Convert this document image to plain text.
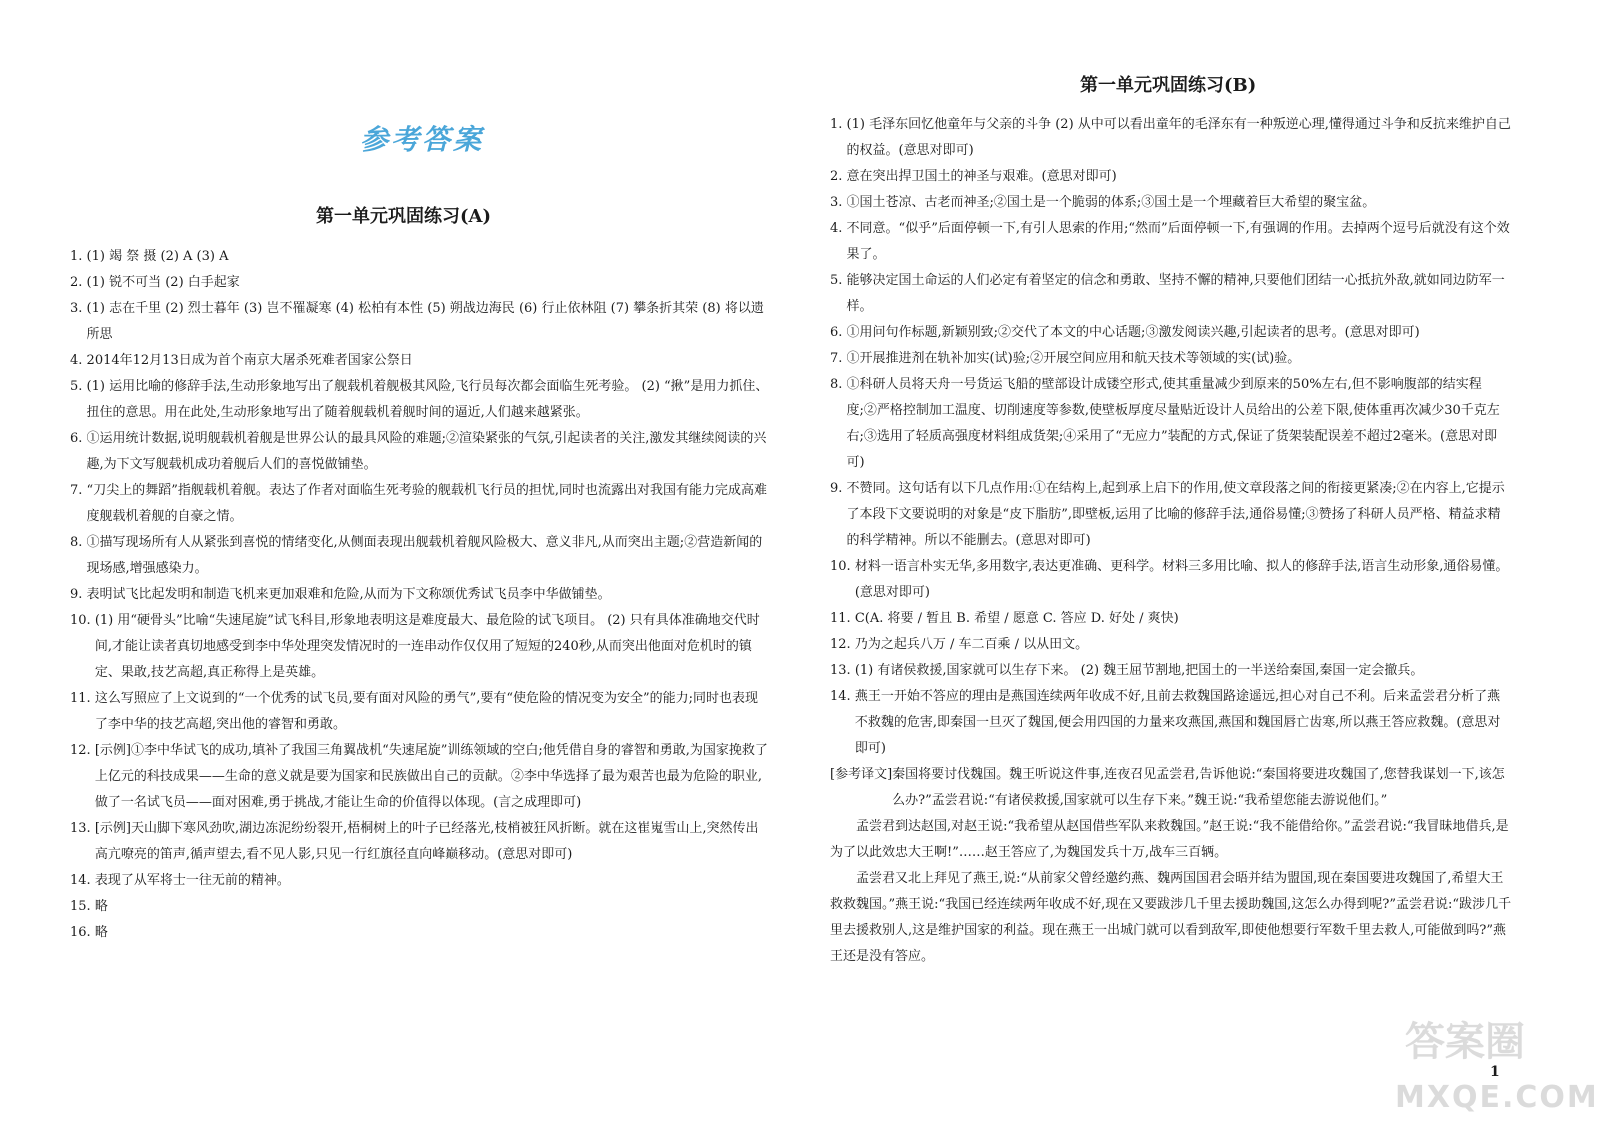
参考答案
第一单元巩固练习(A)
1. (1) 竭 祭 摄 (2) A (3) A
2. (1) 锐不可当 (2) 白手起家
3. (1) 志在千里 (2) 烈士暮年 (3) 岂不罹凝寒 (4) 松柏有本性 (5) 朔战边海民 (6) 行止依林阻 (7) 攀条折其荣 (8) 将以遗所思
4. 2014年12月13日成为首个南京大屠杀死难者国家公祭日
5. (1) 运用比喻的修辞手法,生动形象地写出了舰载机着舰极其风险,飞行员每次都会面临生死考验。 (2) “揪”是用力抓住、扭住的意思。用在此处,生动形象地写出了随着舰载机着舰时间的逼近,人们越来越紧张。
6. ①运用统计数据,说明舰载机着舰是世界公认的最具风险的难题;②渲染紧张的气氛,引起读者的关注,激发其继续阅读的兴趣,为下文写舰载机成功着舰后人们的喜悦做铺垫。
7. “刀尖上的舞蹈”指舰载机着舰。表达了作者对面临生死考验的舰载机飞行员的担忧,同时也流露出对我国有能力完成高难度舰载机着舰的自豪之情。
8. ①描写现场所有人从紧张到喜悦的情绪变化,从侧面表现出舰载机着舰风险极大、意义非凡,从而突出主题;②营造新闻的现场感,增强感染力。
9. 表明试飞比起发明和制造飞机来更加艰难和危险,从而为下文称颂优秀试飞员李中华做铺垫。
10. (1) 用“硬骨头”比喻“失速尾旋”试飞科目,形象地表明这是难度最大、最危险的试飞项目。 (2) 只有具体准确地交代时间,才能让读者真切地感受到李中华处理突发情况时的一连串动作仅仅用了短短的240秒,从而突出他面对危机时的镇定、果敢,技艺高超,真正称得上是英雄。
11. 这么写照应了上文说到的“一个优秀的试飞员,要有面对风险的勇气”,要有“使危险的情况变为安全”的能力;同时也表现了李中华的技艺高超,突出他的睿智和勇敢。
12. [示例]①李中华试飞的成功,填补了我国三角翼战机“失速尾旋”训练领域的空白;他凭借自身的睿智和勇敢,为国家挽救了上亿元的科技成果——生命的意义就是要为国家和民族做出自己的贡献。②李中华选择了最为艰苦也最为危险的职业,做了一名试飞员——面对困难,勇于挑战,才能让生命的价值得以体现。(言之成理即可)
13. [示例]天山脚下寒风劲吹,湖边冻泥纷纷裂开,梧桐树上的叶子已经落光,枝梢被狂风折断。就在这崔嵬雪山上,突然传出高亢嘹亮的笛声,循声望去,看不见人影,只见一行红旗径直向峰巅移动。(意思对即可)
14. 表现了从军将士一往无前的精神。
15. 略
16. 略
第一单元巩固练习(B)
1. (1) 毛泽东回忆他童年与父亲的斗争 (2) 从中可以看出童年的毛泽东有一种叛逆心理,懂得通过斗争和反抗来维护自己的权益。(意思对即可)
2. 意在突出捍卫国土的神圣与艰难。(意思对即可)
3. ①国土苍凉、古老而神圣;②国土是一个脆弱的体系;③国土是一个埋藏着巨大希望的聚宝盆。
4. 不同意。“似乎”后面停顿一下,有引人思索的作用;“然而”后面停顿一下,有强调的作用。去掉两个逗号后就没有这个效果了。
5. 能够决定国土命运的人们必定有着坚定的信念和勇敢、坚持不懈的精神,只要他们团结一心抵抗外敌,就如同边防军一样。
6. ①用问句作标题,新颖别致;②交代了本文的中心话题;③激发阅读兴趣,引起读者的思考。(意思对即可)
7. ①开展推进剂在轨补加实(试)验;②开展空间应用和航天技术等领域的实(试)验。
8. ①科研人员将天舟一号货运飞船的壁部设计成镂空形式,使其重量减少到原来的50%左右,但不影响腹部的结实程度;②严格控制加工温度、切削速度等参数,使壁板厚度尽量贴近设计人员给出的公差下限,使体重再次减少30千克左右;③选用了轻质高强度材料组成货架;④采用了“无应力”装配的方式,保证了货架装配误差不超过2毫米。(意思对即可)
9. 不赞同。这句话有以下几点作用:①在结构上,起到承上启下的作用,使文章段落之间的衔接更紧凑;②在内容上,它提示了本段下文要说明的对象是“皮下脂肪”,即壁板,运用了比喻的修辞手法,通俗易懂;③赞扬了科研人员严格、精益求精的科学精神。所以不能删去。(意思对即可)
10. 材料一语言朴实无华,多用数字,表达更准确、更科学。材料三多用比喻、拟人的修辞手法,语言生动形象,通俗易懂。(意思对即可)
11. C(A. 将要 / 暂且 B. 希望 / 愿意 C. 答应 D. 好处 / 爽快)
12. 乃为之起兵八万 / 车二百乘 / 以从田文。
13. (1) 有诸侯救援,国家就可以生存下来。 (2) 魏王屈节割地,把国土的一半送给秦国,秦国一定会撤兵。
14. 燕王一开始不答应的理由是燕国连续两年收成不好,且前去救魏国路途遥远,担心对自己不利。后来孟尝君分析了燕不救魏的危害,即秦国一旦灭了魏国,便会用四国的力量来攻燕国,燕国和魏国唇亡齿寒,所以燕王答应救魏。(意思对即可)
[参考译文] 秦国将要讨伐魏国。魏王听说这件事,连夜召见孟尝君,告诉他说:“秦国将要进攻魏国了,您替我谋划一下,该怎么办?”孟尝君说:“有诸侯救援,国家就可以生存下来。”魏王说:“我希望您能去游说他们。”
孟尝君到达赵国,对赵王说:“我希望从赵国借些军队来救魏国。”赵王说:“我不能借给你。”孟尝君说:“我冒昧地借兵,是为了以此效忠大王啊!”……赵王答应了,为魏国发兵十万,战车三百辆。
孟尝君又北上拜见了燕王,说:“从前家父曾经邀约燕、魏两国国君会晤并结为盟国,现在秦国要进攻魏国了,希望大王救救魏国。”燕王说:“我国已经连续两年收成不好,现在又要跋涉几千里去援助魏国,这怎么办得到呢?”孟尝君说:“跋涉几千里去援救别人,这是维护国家的利益。现在燕王一出城门就可以看到敌军,即使他想要行军数千里去救人,可能做到吗?”燕王还是没有答应。
1
答案圈
MXQE.COM
